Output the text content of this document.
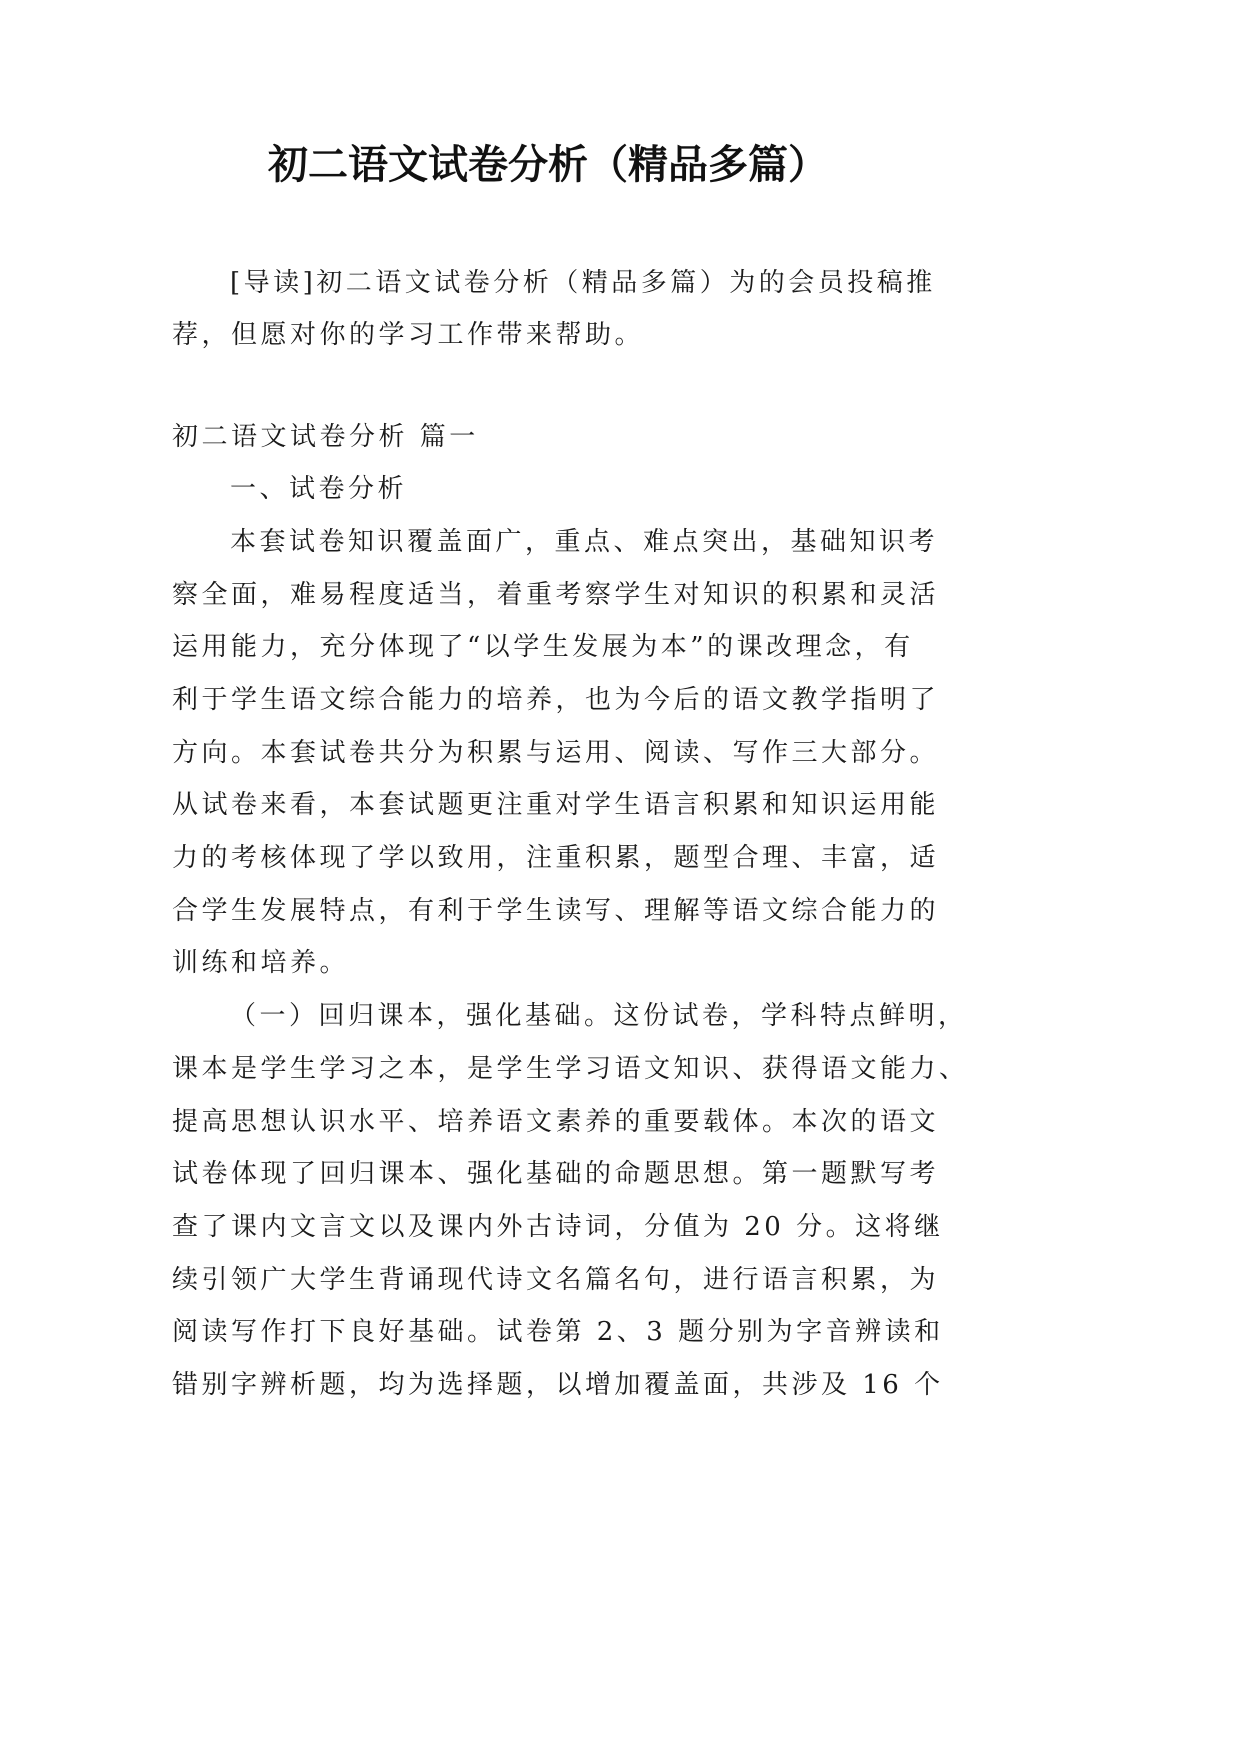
初二语文试卷分析（精品多篇）
[导读]初二语文试卷分析（精品多篇）为的会员投稿推
荐，但愿对你的学习工作带来帮助。
初二语文试卷分析 篇一
一、试卷分析
本套试卷知识覆盖面广，重点、难点突出，基础知识考
察全面，难易程度适当，着重考察学生对知识的积累和灵活
运用能力，充分体现了“以学生发展为本”的课改理念，有
利于学生语文综合能力的培养，也为今后的语文教学指明了
方向。本套试卷共分为积累与运用、阅读、写作三大部分。
从试卷来看，本套试题更注重对学生语言积累和知识运用能
力的考核体现了学以致用，注重积累，题型合理、丰富，适
合学生发展特点，有利于学生读写、理解等语文综合能力的
训练和培养。
（一）回归课本，强化基础。这份试卷，学科特点鲜明，
课本是学生学习之本，是学生学习语文知识、获得语文能力、
提高思想认识水平、培养语文素养的重要载体。本次的语文
试卷体现了回归课本、强化基础的命题思想。第一题默写考
查了课内文言文以及课内外古诗词，分值为 20 分。这将继
续引领广大学生背诵现代诗文名篇名句，进行语言积累，为
阅读写作打下良好基础。试卷第 2、3 题分别为字音辨读和
错别字辨析题，均为选择题，以增加覆盖面，共涉及 16 个
